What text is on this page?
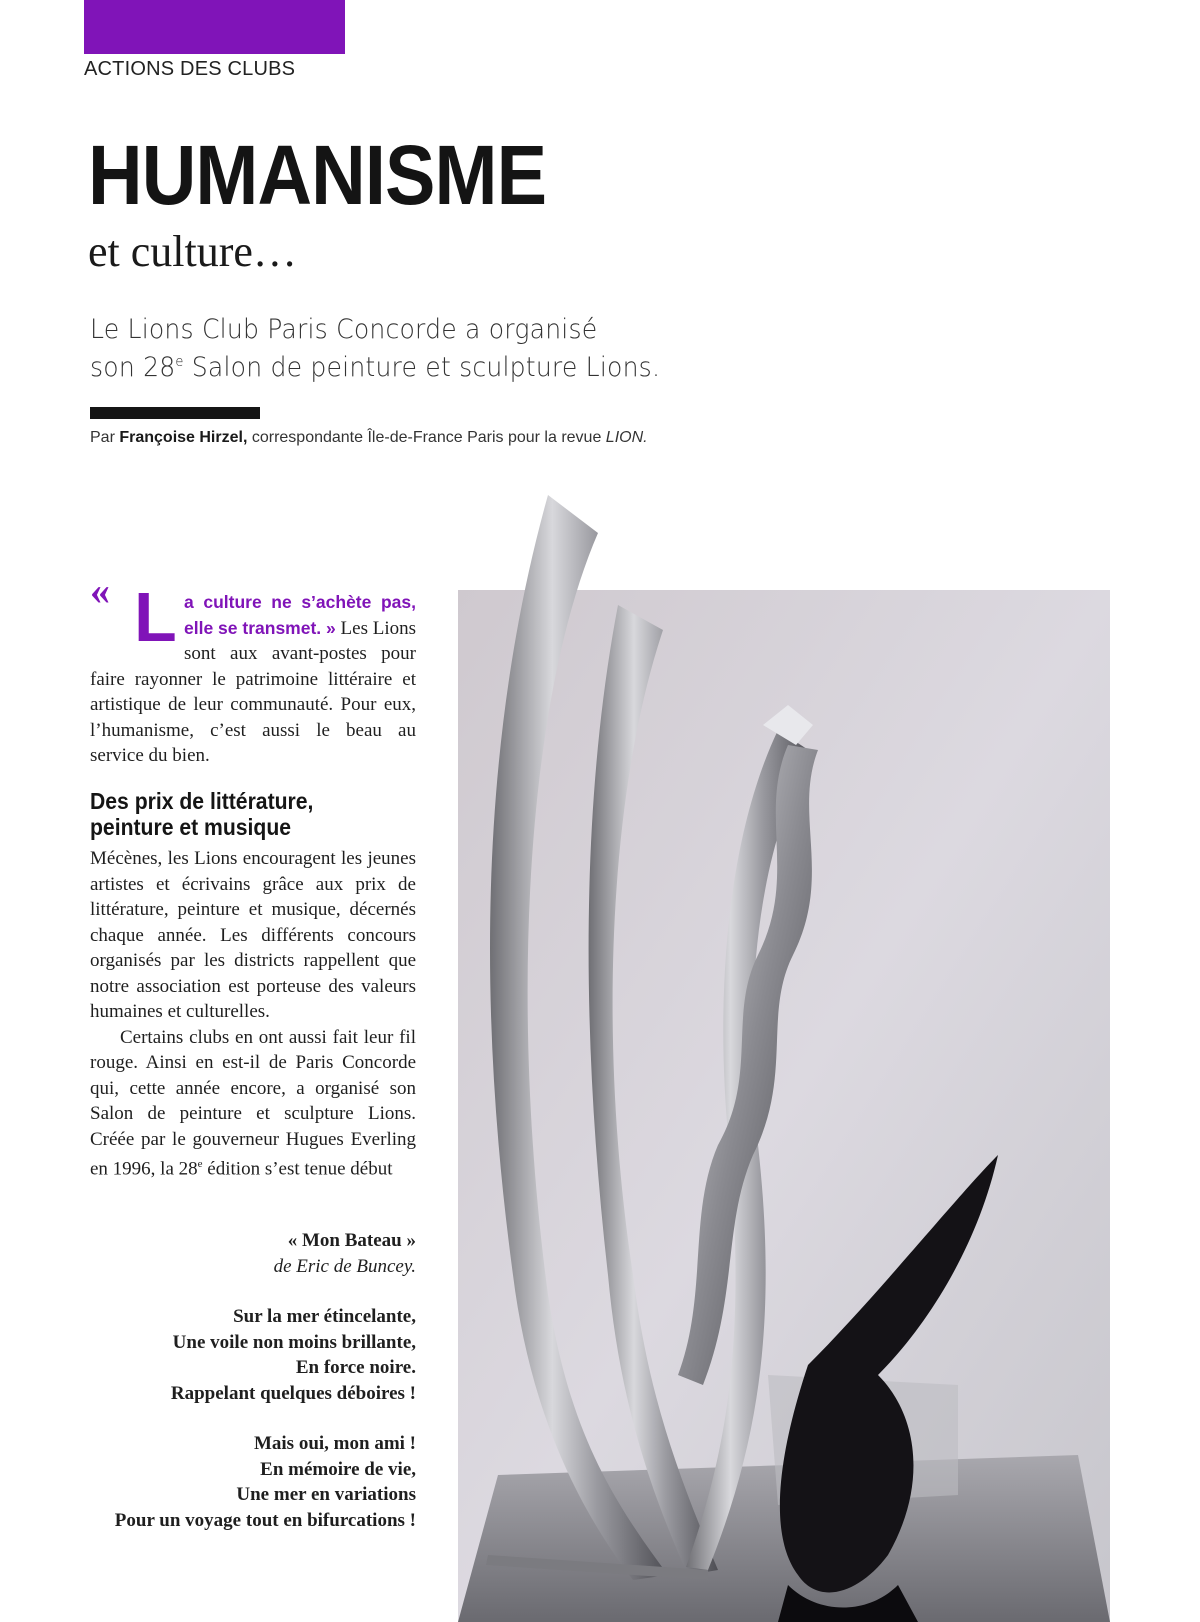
ACTIONS DES CLUBS
HUMANISME
et culture…
Le Lions Club Paris Concorde a organisé
son 28e Salon de peinture et sculpture Lions.
Par Françoise Hirzel, correspondante Île-de-France Paris pour la revue LION.
« L a culture ne s’achète pas, elle se transmet. » Les Lions sont aux avant-postes pour faire rayonner le patrimoine littéraire et artistique de leur communauté. Pour eux, l’humanisme, c’est aussi le beau au service du bien.
Des prix de littérature, peinture et musique

Mécènes, les Lions encouragent les jeunes artistes et écrivains grâce aux prix de littérature, peinture et musique, décernés chaque année. Les différents concours organisés par les districts rappellent que notre association est porteuse des valeurs humaines et culturelles.

Certains clubs en ont aussi fait leur fil rouge. Ainsi en est-il de Paris Concorde qui, cette année encore, a organisé son Salon de peinture et sculpture Lions. Créée par le gouverneur Hugues Everling en 1996, la 28e édition s’est tenue début

« Mon Bateau »
de Eric de Buncey.
Sur la mer étincelante,
Une voile non moins brillante,
En force noire.
Rappelant quelques déboires !
Mais oui, mon ami !
En mémoire de vie,
Une mer en variations
Pour un voyage tout en bifurcations !
